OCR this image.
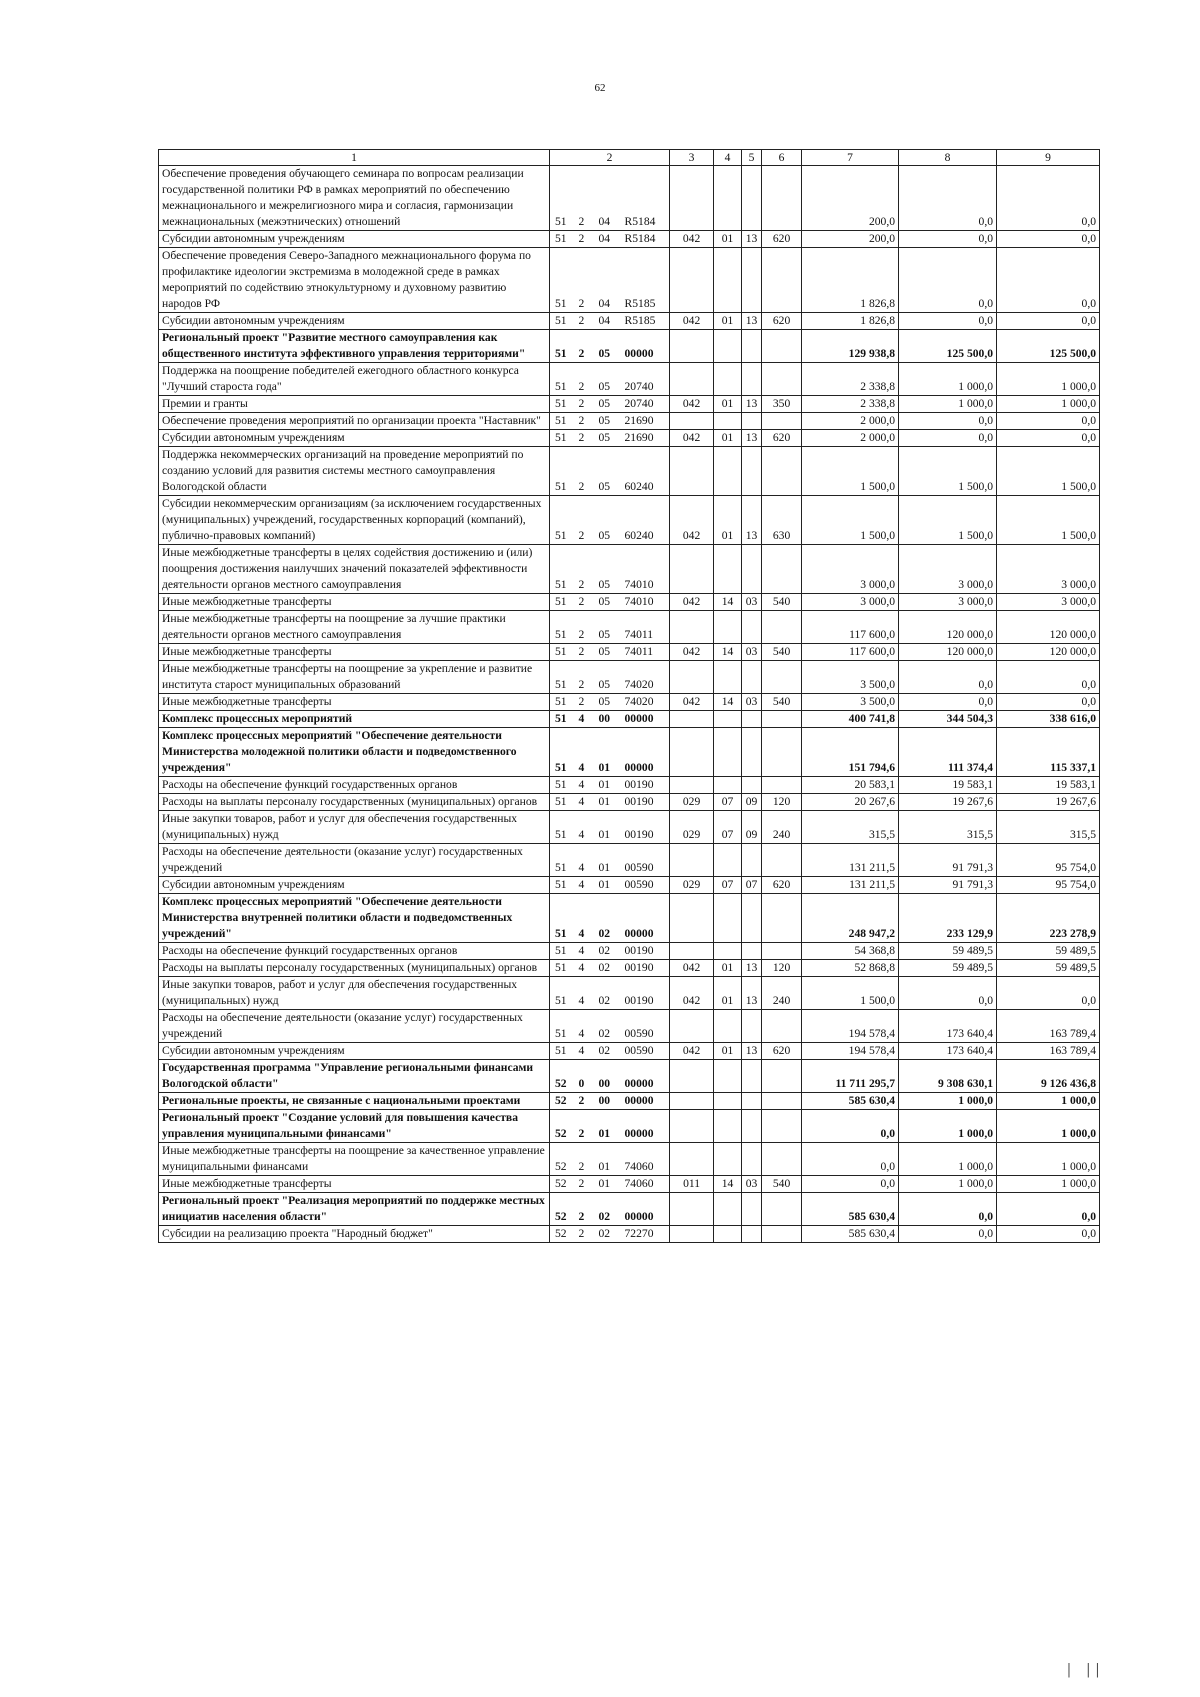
62
1	2				3	4	5	6	7	8	9
Обеспечение проведения обучающего семинара по вопросам реализации государственной политики РФ в рамках мероприятий по обеспечению межнационального и межрелигиозного мира и согласия, гармонизации межнациональных (межэтнических) отношений	51	2	04	R5184					200,0	0,0	0,0
Субсидии автономным учреждениям	51	2	04	R5184	042	01	13	620	200,0	0,0	0,0
Обеспечение проведения Северо-Западного межнационального форума по профилактике идеологии экстремизма в молодежной среде в рамках мероприятий по содействию этнокультурному и духовному развитию народов РФ	51	2	04	R5185					1 826,8	0,0	0,0
Субсидии автономным учреждениям	51	2	04	R5185	042	01	13	620	1 826,8	0,0	0,0
Региональный проект "Развитие местного самоуправления как общественного института эффективного управления территориями"	51	2	05	00000					129 938,8	125 500,0	125 500,0
Поддержка на поощрение победителей ежегодного областного конкурса "Лучший староста года"	51	2	05	20740					2 338,8	1 000,0	1 000,0
Премии и гранты	51	2	05	20740	042	01	13	350	2 338,8	1 000,0	1 000,0
Обеспечение проведения мероприятий по организации проекта "Наставник"	51	2	05	21690					2 000,0	0,0	0,0
Субсидии автономным учреждениям	51	2	05	21690	042	01	13	620	2 000,0	0,0	0,0
Поддержка некоммерческих организаций на проведение мероприятий по созданию условий для развития системы местного самоуправления Вологодской области	51	2	05	60240					1 500,0	1 500,0	1 500,0
Субсидии некоммерческим организациям (за исключением государственных (муниципальных) учреждений, государственных корпораций (компаний), публично-правовых компаний)	51	2	05	60240	042	01	13	630	1 500,0	1 500,0	1 500,0
Иные межбюджетные трансферты в целях содействия достижению и (или) поощрения достижения наилучших значений показателей эффективности деятельности органов местного самоуправления	51	2	05	74010					3 000,0	3 000,0	3 000,0
Иные межбюджетные трансферты	51	2	05	74010	042	14	03	540	3 000,0	3 000,0	3 000,0
Иные межбюджетные трансферты на поощрение за лучшие практики деятельности органов местного самоуправления	51	2	05	74011					117 600,0	120 000,0	120 000,0
Иные межбюджетные трансферты	51	2	05	74011	042	14	03	540	117 600,0	120 000,0	120 000,0
Иные межбюджетные трансферты на поощрение за укрепление и развитие института старост муниципальных образований	51	2	05	74020					3 500,0	0,0	0,0
Иные межбюджетные трансферты	51	2	05	74020	042	14	03	540	3 500,0	0,0	0,0
Комплекс процессных мероприятий	51	4	00	00000					400 741,8	344 504,3	338 616,0
Комплекс процессных мероприятий "Обеспечение деятельности Министерства молодежной политики области и подведомственного учреждения"	51	4	01	00000					151 794,6	111 374,4	115 337,1
Расходы на обеспечение функций государственных органов	51	4	01	00190					20 583,1	19 583,1	19 583,1
Расходы на выплаты персоналу государственных (муниципальных) органов	51	4	01	00190	029	07	09	120	20 267,6	19 267,6	19 267,6
Иные закупки товаров, работ и услуг для обеспечения государственных (муниципальных) нужд	51	4	01	00190	029	07	09	240	315,5	315,5	315,5
Расходы на обеспечение деятельности (оказание услуг) государственных учреждений	51	4	01	00590					131 211,5	91 791,3	95 754,0
Субсидии автономным учреждениям	51	4	01	00590	029	07	07	620	131 211,5	91 791,3	95 754,0
Комплекс процессных мероприятий "Обеспечение деятельности Министерства внутренней политики области и подведомственных учреждений"	51	4	02	00000					248 947,2	233 129,9	223 278,9
Расходы на обеспечение функций государственных органов	51	4	02	00190					54 368,8	59 489,5	59 489,5
Расходы на выплаты персоналу государственных (муниципальных) органов	51	4	02	00190	042	01	13	120	52 868,8	59 489,5	59 489,5
Иные закупки товаров, работ и услуг для обеспечения государственных (муниципальных) нужд	51	4	02	00190	042	01	13	240	1 500,0	0,0	0,0
Расходы на обеспечение деятельности (оказание услуг) государственных учреждений	51	4	02	00590					194 578,4	173 640,4	163 789,4
Субсидии автономным учреждениям	51	4	02	00590	042	01	13	620	194 578,4	173 640,4	163 789,4
Государственная программа "Управление региональными финансами Вологодской области"	52	0	00	00000					11 711 295,7	9 308 630,1	9 126 436,8
Региональные проекты, не связанные с национальными проектами	52	2	00	00000					585 630,4	1 000,0	1 000,0
Региональный проект "Создание условий для повышения качества управления муниципальными финансами"	52	2	01	00000					0,0	1 000,0	1 000,0
Иные межбюджетные трансферты на поощрение за качественное управление муниципальными финансами	52	2	01	74060					0,0	1 000,0	1 000,0
Иные межбюджетные трансферты	52	2	01	74060	011	14	03	540	0,0	1 000,0	1 000,0
Региональный проект "Реализация мероприятий по поддержке местных инициатив населения области"	52	2	02	00000					585 630,4	0,0	0,0
Субсидии на реализацию проекта "Народный бюджет"	52	2	02	72270					585 630,4	0,0	0,0
| ||
